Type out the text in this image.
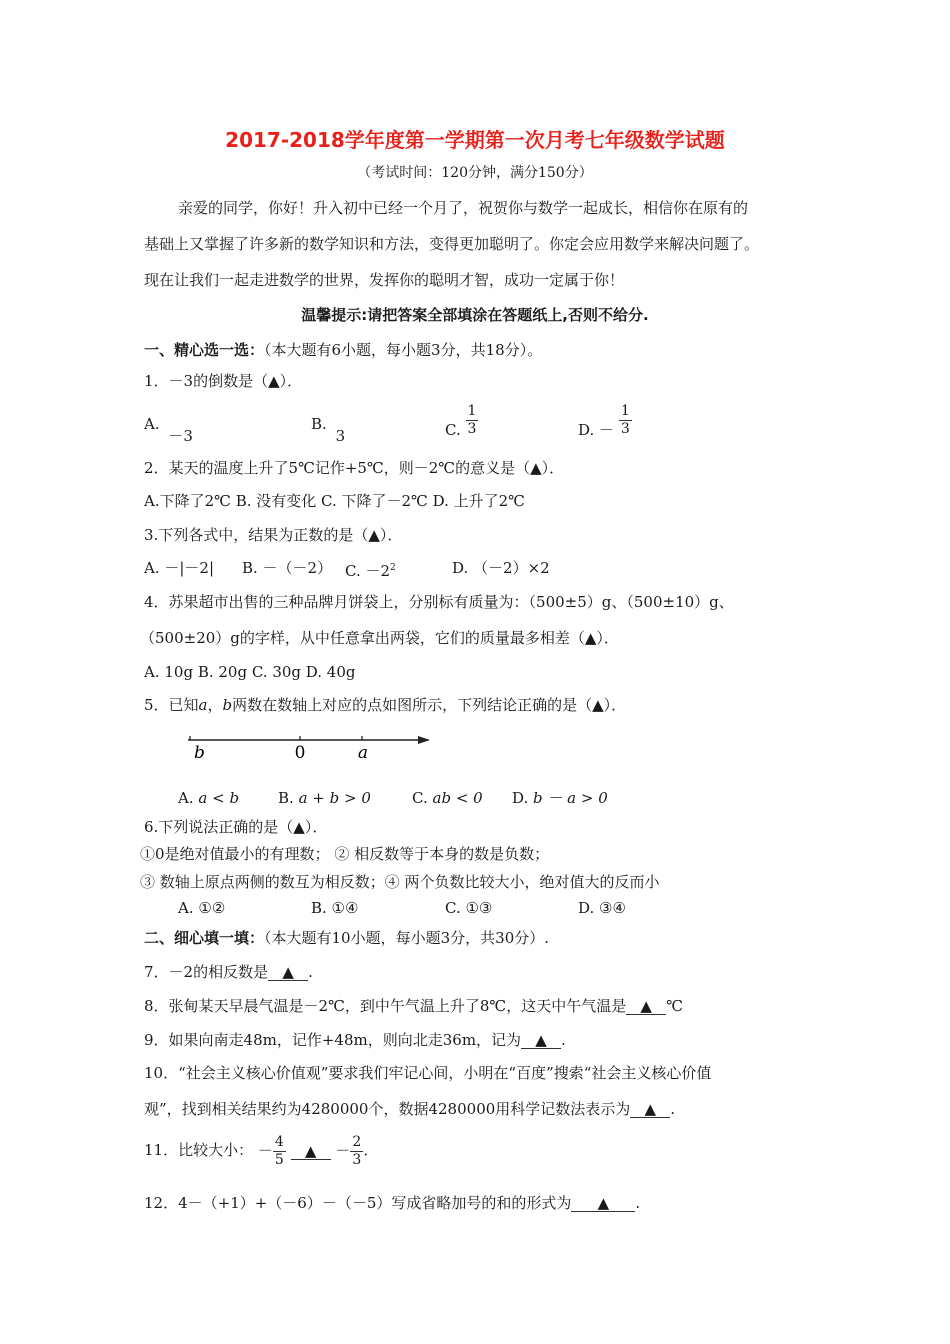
2017-2018学年度第一学期第一次月考七年级数学试题
（考试时间：120分钟，满分150分）
亲爱的同学，你好！升入初中已经一个月了，祝贺你与数学一起成长，相信你在原有的
基础上又掌握了许多新的数学知识和方法，变得更加聪明了。你定会应用数学来解决问题了。
现在让我们一起走进数学的世界，发挥你的聪明才智，成功一定属于你！
温馨提示:请把答案全部填涂在答题纸上,否则不给分.
一、精心选一选：（本大题有6小题，每小题3分，共18分）。
1．－3的倒数是（▲）．
A. －3
B. 3	C. $\frac{1}{3}$	D. － $\frac{1}{3}$
2．某天的温度上升了5℃记作+5℃，则－2℃的意义是（▲）．
A.下降了2℃ B. 没有变化 C. 下降了－2℃ D. 上升了2℃
3.下列各式中，结果为正数的是（▲）．
A. －|－2| B. －（－2） C. $-2^2$	D. （－2）×2
4．苏果超市出售的三种品牌月饼袋上，分别标有质量为：（500±5）g、（500±10）g、
（500±20）g的字样，从中任意拿出两袋，它们的质量最多相差（▲）．
A. 10g B. 20g C. 30g D. 40g
5．已知a，b两数在数轴上对应的点如图所示，下列结论正确的是（▲）．
b	0	a
A. a < b	B. a + b > 0	C. ab < 0 D. b － a > 0
6.下列说法正确的是（▲）．
①0是绝对值最小的有理数； ② 相反数等于本身的数是负数；
③ 数轴上原点两侧的数互为相反数；④ 两个负数比较大小，绝对值大的反而小
A. ①②	B. ①④	C. ①③	D. ③④
二、细心填一填：（本大题有10小题，每小题3分，共30分）.
7．－2的相反数是 ▲ .
8．张甸某天早晨气温是－2℃，到中午气温上升了8℃，这天中午气温是 ▲ ℃
9．如果向南走48m，记作+48m，则向北走36m，记为 ▲ .
10．“社会主义核心价值观”要求我们牢记心间，小明在“百度”搜索“社会主义核心价值
观”，找到相关结果约为4280000个，数据4280000用科学记数法表示为 ▲ .
11．比较大小： － $\frac{4}{5}$ ▲ － $\frac{2}{3}$ .
12．4－（+1）+（－6）－（－5）写成省略加号的和的形式为 ▲ .
